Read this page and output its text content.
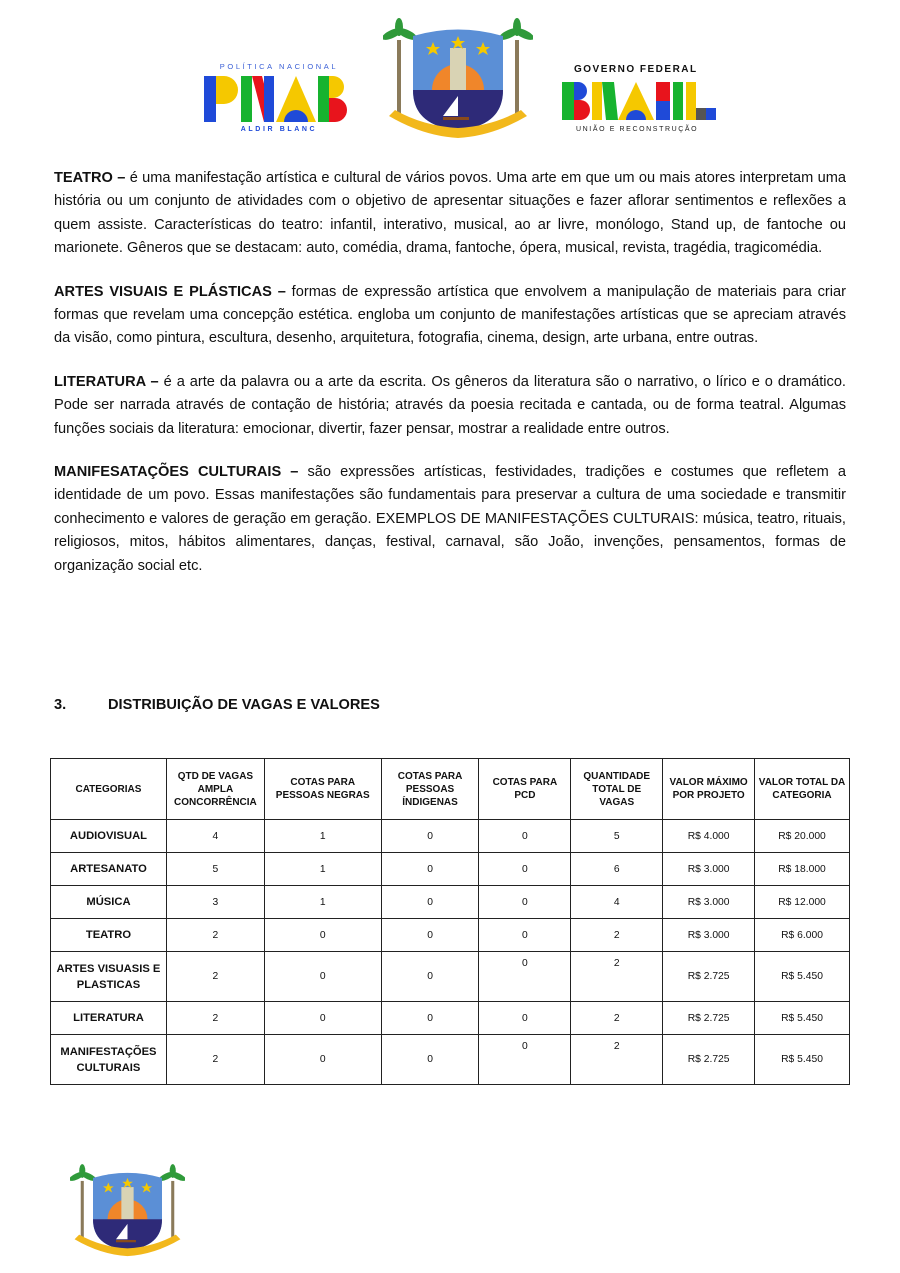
POLÍTICA NACIONAL
ALDIR BLANC
GOVERNO FEDERAL
UNIÃO E RECONSTRUÇÃO

TEATRO – é uma manifestação artística e cultural de vários povos. Uma arte em que um ou mais atores interpretam uma história ou um conjunto de atividades com o objetivo de apresentar situações e fazer aflorar sentimentos e reflexões a quem assiste. Características do teatro: infantil, interativo, musical, ao ar livre, monólogo, Stand up, de fantoche ou marionete. Gêneros que se destacam: auto, comédia, drama, fantoche, ópera, musical, revista, tragédia, tragicomédia.

ARTES VISUAIS E PLÁSTICAS – formas de expressão artística que envolvem a manipulação de materiais para criar formas que revelam uma concepção estética. engloba um conjunto de manifestações artísticas que se apreciam através da visão, como pintura, escultura, desenho, arquitetura, fotografia, cinema, design, arte urbana, entre outras.

LITERATURA – é a arte da palavra ou a arte da escrita. Os gêneros da literatura são o narrativo, o lírico e o dramático. Pode ser narrada através de contação de história; através da poesia recitada e cantada, ou de forma teatral. Algumas funções sociais da literatura: emocionar, divertir, fazer pensar, mostrar a realidade entre outros.

MANIFESATAÇÕES CULTURAIS – são expressões artísticas, festividades, tradições e costumes que refletem a identidade de um povo. Essas manifestações são fundamentais para preservar a cultura de uma sociedade e transmitir conhecimento e valores de geração em geração. EXEMPLOS DE MANIFESTAÇÕES CULTURAIS: música, teatro, rituais, religiosos, mitos, hábitos alimentares, danças, festival, carnaval, são João, invenções, pensamentos, formas de organização social etc.

3.	DISTRIBUIÇÃO DE VAGAS E VALORES
CATEGORIAS	QTD DE VAGAS AMPLA CONCORRÊNCIA	COTAS PARA PESSOAS NEGRAS	COTAS PARA PESSOAS ÍNDIGENAS	COTAS PARA PCD	QUANTIDADE TOTAL DE VAGAS	VALOR MÁXIMO POR PROJETO	VALOR TOTAL DA CATEGORIA
AUDIOVISUAL	4	1	0	0	5	R$ 4.000	R$ 20.000
ARTESANATO	5	1	0	0	6	R$ 3.000	R$ 18.000
MÚSICA	3	1	0	0	4	R$ 3.000	R$ 12.000
TEATRO	2	0	0	0	2	R$ 3.000	R$ 6.000
ARTES VISUASIS E PLASTICAS	2	0	0	0	2	R$ 2.725	R$ 5.450
LITERATURA	2	0	0	0	2	R$ 2.725	R$ 5.450
MANIFESTAÇÕES CULTURAIS	2	0	0	0	2	R$ 2.725	R$ 5.450
